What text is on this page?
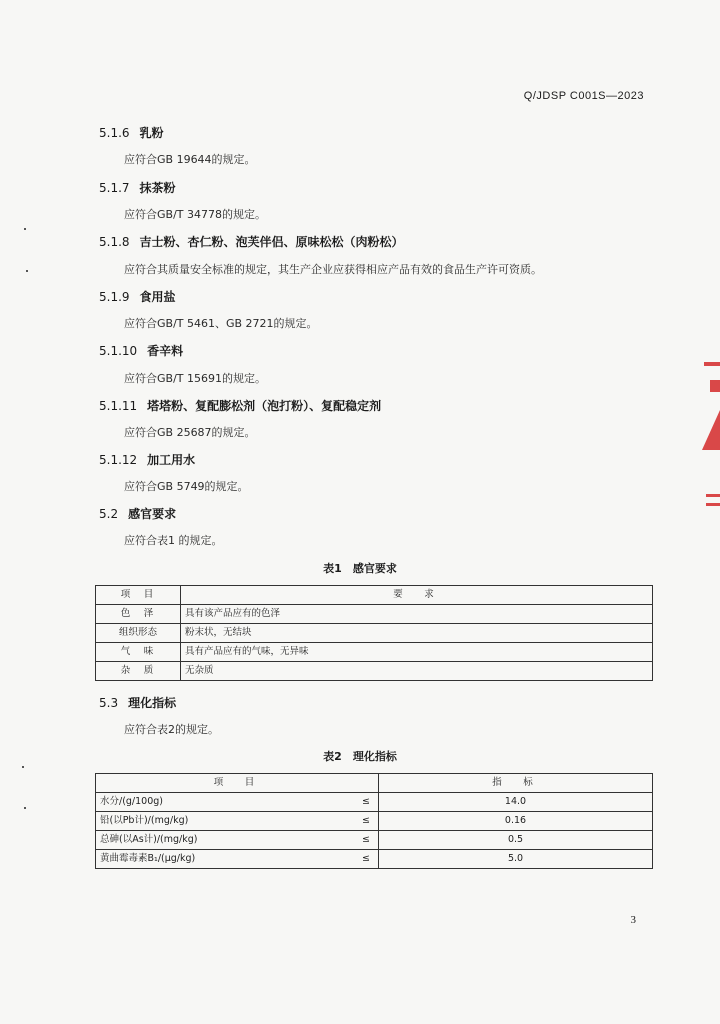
Q/JDSP C001S—2023
5.1.6 乳粉
应符合GB 19644的规定。
5.1.7 抹茶粉
应符合GB/T 34778的规定。
5.1.8 吉士粉、杏仁粉、泡芙伴侣、原味松松（肉粉松）
应符合其质量安全标准的规定，其生产企业应获得相应产品有效的食品生产许可资质。
5.1.9 食用盐
应符合GB/T 5461、GB 2721的规定。
5.1.10 香辛料
应符合GB/T 15691的规定。
5.1.11 塔塔粉、复配膨松剂（泡打粉）、复配稳定剂
应符合GB 25687的规定。
5.1.12 加工用水
应符合GB 5749的规定。
5.2 感官要求
应符合表1 的规定。
表1　感官要求
项　目	要　求
色　泽	具有该产品应有的色泽
组织形态	粉末状，无结块
气　味	具有产品应有的气味，无异味
杂　质	无杂质
5.3 理化指标
应符合表2的规定。
表2　理化指标
项　目		指　标
水分/(g/100g)	≤	14.0
铅(以Pb计)/(mg/kg)	≤	0.16
总砷(以As计)/(mg/kg)	≤	0.5
黄曲霉毒素B₁/(μg/kg)	≤	5.0
3
